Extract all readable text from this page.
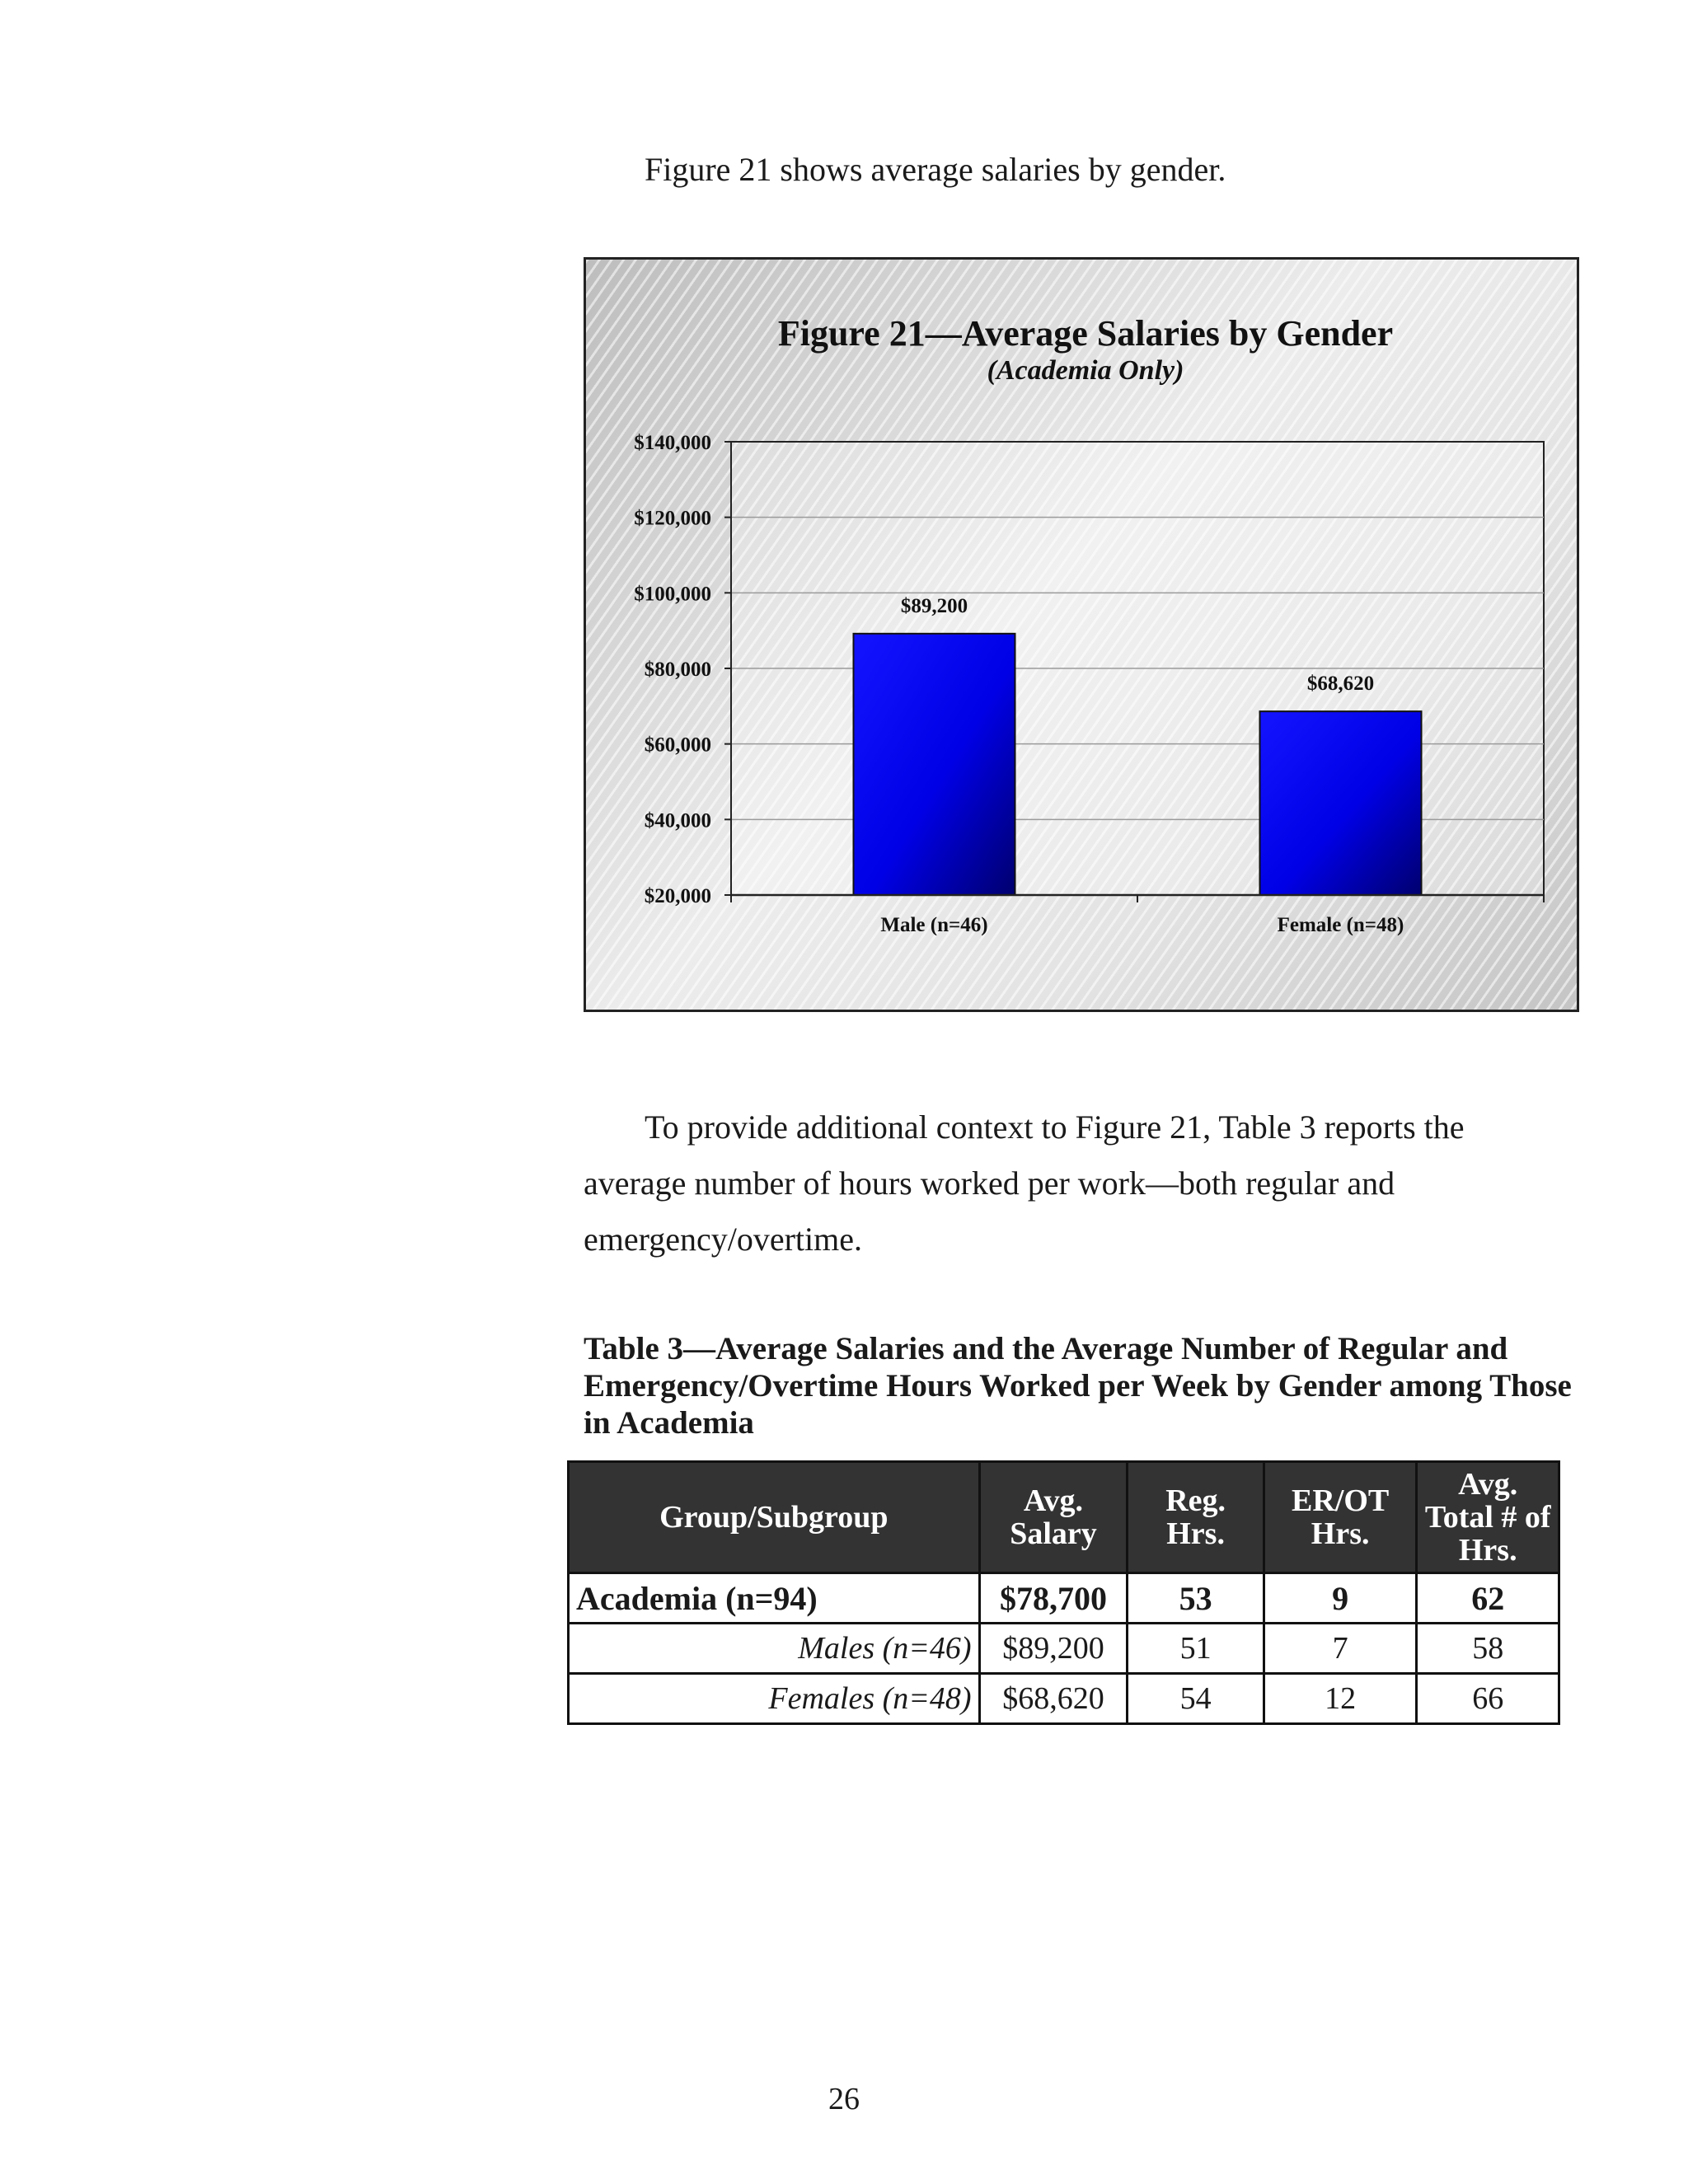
Figure 21 shows average salaries by gender.

Figure 21—Average Salaries by Gender
(Academia Only)
$20,000
$40,000
$60,000
$80,000
$100,000
$120,000
$140,000
$89,200
$68,620
Male (n=46)	Female (n=48)

To provide additional context to Figure 21, Table 3 reports the average number of hours worked per work—both regular and emergency/overtime.

Table 3—Average Salaries and the Average Number of Regular and Emergency/Overtime Hours Worked per Week by Gender among Those in Academia

Group/Subgroup	Avg. Salary	Reg. Hrs.	ER/OT Hrs.	Avg. Total # of Hrs.
Academia (n=94)	$78,700	53	9	62
Males (n=46)	$89,200	51	7	58
Females (n=48)	$68,620	54	12	66
26
